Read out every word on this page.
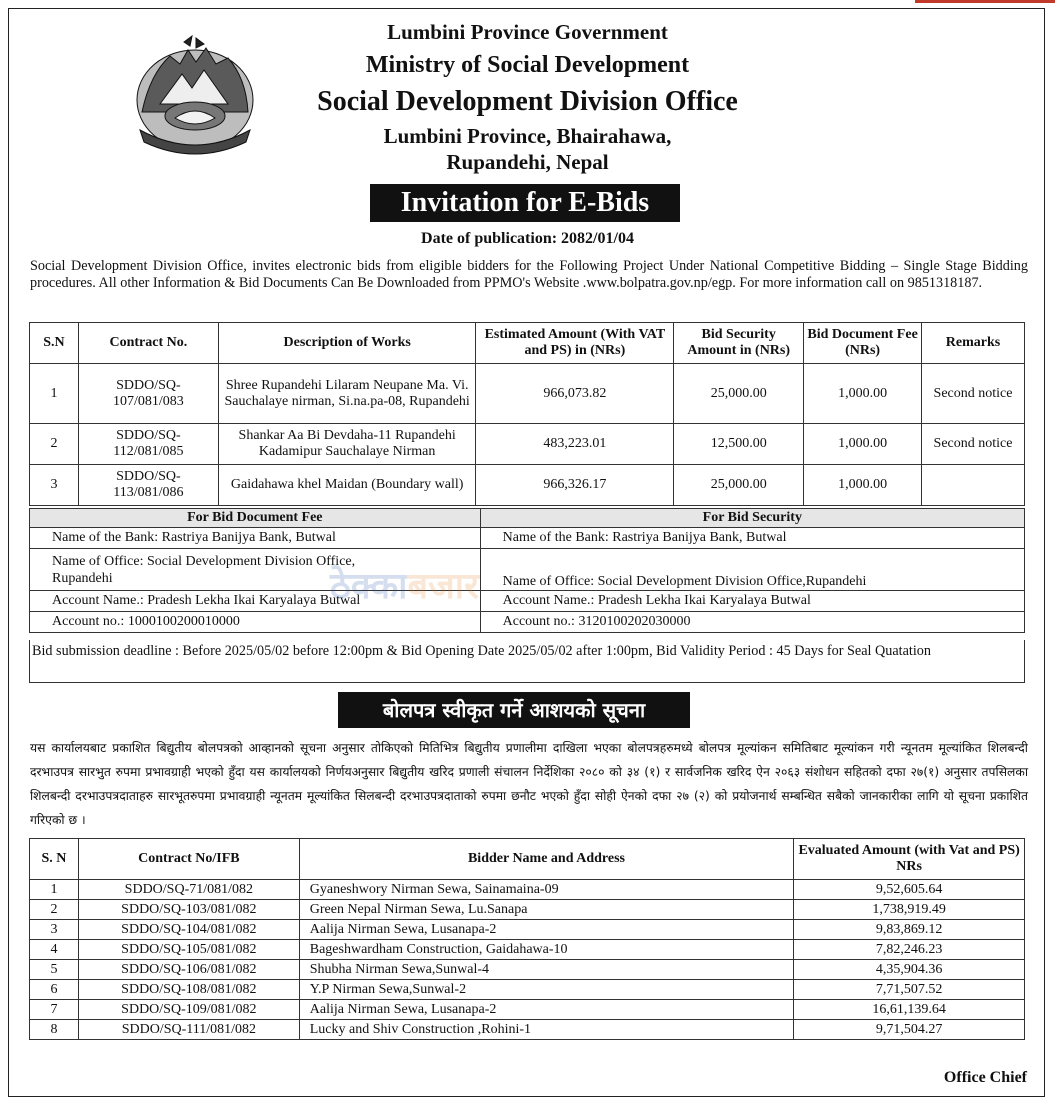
Lumbini Province Government
Ministry of Social Development
Social Development Division Office
Lumbini Province, Bhairahawa,
Rupandehi, Nepal
Invitation for E-Bids
Date of publication: 2082/01/04
Social Development Division Office, invites electronic bids from eligible bidders for the Following Project Under National Competitive Bidding – Single Stage Bidding procedures. All other Information & Bid Documents Can Be Downloaded from PPMO's Website .www.bolpatra.gov.np/egp. For more information call on 9851318187.
S.N	Contract No.	Description of Works	Estimated Amount (With VAT and PS) in (NRs)	Bid Security Amount in (NRs)	Bid Document Fee (NRs)	Remarks
1	SDDO/SQ-107/081/083	Shree Rupandehi Lilaram Neupane Ma. Vi. Sauchalaye nirman, Si.na.pa-08, Rupandehi	966,073.82	25,000.00	1,000.00	Second notice
2	SDDO/SQ-112/081/085	Shankar Aa Bi Devdaha-11 Rupandehi Kadamipur Sauchalaye Nirman	483,223.01	12,500.00	1,000.00	Second notice
3	SDDO/SQ-113/081/086	Gaidahawa khel Maidan (Boundary wall)	966,326.17	25,000.00	1,000.00	
For Bid Document Fee	For Bid Security
Name of the Bank: Rastriya Banijya Bank, Butwal	Name of the Bank: Rastriya Banijya Bank, Butwal
Name of Office: Social Development Division Office, Rupandehi	Name of Office: Social Development Division Office,Rupandehi
Account Name.: Pradesh Lekha Ikai Karyalaya Butwal	Account Name.: Pradesh Lekha Ikai Karyalaya Butwal
Account no.: 1000100200010000	Account no.: 3120100202030000
Bid submission deadline : Before 2025/05/02 before 12:00pm & Bid Opening Date 2025/05/02 after 1:00pm, Bid Validity Period : 45 Days for Seal Quatation
ठेक्काबजार
बोलपत्र स्वीकृत गर्ने आशयको सूचना
यस कार्यालयबाट प्रकाशित बिद्युतीय बोलपत्रको आव्हानको सूचना अनुसार तोकिएको मितिभित्र बिद्युतीय प्रणालीमा दाखिला भएका बोलपत्रहरुमध्ये बोलपत्र मूल्यांकन समितिबाट मूल्यांकन गरी न्यूनतम मूल्यांकित शिलबन्दी दरभाउपत्र सारभुत रुपमा प्रभावग्राही भएको हुँदा यस कार्यालयको निर्णयअनुसार बिद्युतीय खरिद प्रणाली संचालन निर्देशिका २०८० को ३४ (१) र सार्वजनिक खरिद ऐन २०६३ संशोधन सहितको दफा २७(१) अनुसार तपसिलका शिलबन्दी दरभाउपत्रदाताहरु सारभूतरुपमा प्रभावग्राही न्यूनतम मूल्यांकित सिलबन्दी दरभाउपत्रदाताको रुपमा छनौट भएको हुँदा सोही ऐनको दफा २७ (२) को प्रयोजनार्थ सम्बन्धित सबैको जानकारीका लागि यो सूचना प्रकाशित गरिएको छ ।
S. N	Contract No/IFB	Bidder Name and Address	Evaluated Amount (with Vat and PS) NRs
1	SDDO/SQ-71/081/082	Gyaneshwory Nirman Sewa, Sainamaina-09	9,52,605.64
2	SDDO/SQ-103/081/082	Green Nepal Nirman Sewa, Lu.Sanapa	1,738,919.49
3	SDDO/SQ-104/081/082	Aalija Nirman Sewa, Lusanapa-2	9,83,869.12
4	SDDO/SQ-105/081/082	Bageshwardham Construction, Gaidahawa-10	7,82,246.23
5	SDDO/SQ-106/081/082	Shubha Nirman Sewa,Sunwal-4	4,35,904.36
6	SDDO/SQ-108/081/082	Y.P Nirman Sewa,Sunwal-2	7,71,507.52
7	SDDO/SQ-109/081/082	Aalija Nirman Sewa, Lusanapa-2	16,61,139.64
8	SDDO/SQ-111/081/082	Lucky and Shiv Construction ,Rohini-1	9,71,504.27
Office Chief
